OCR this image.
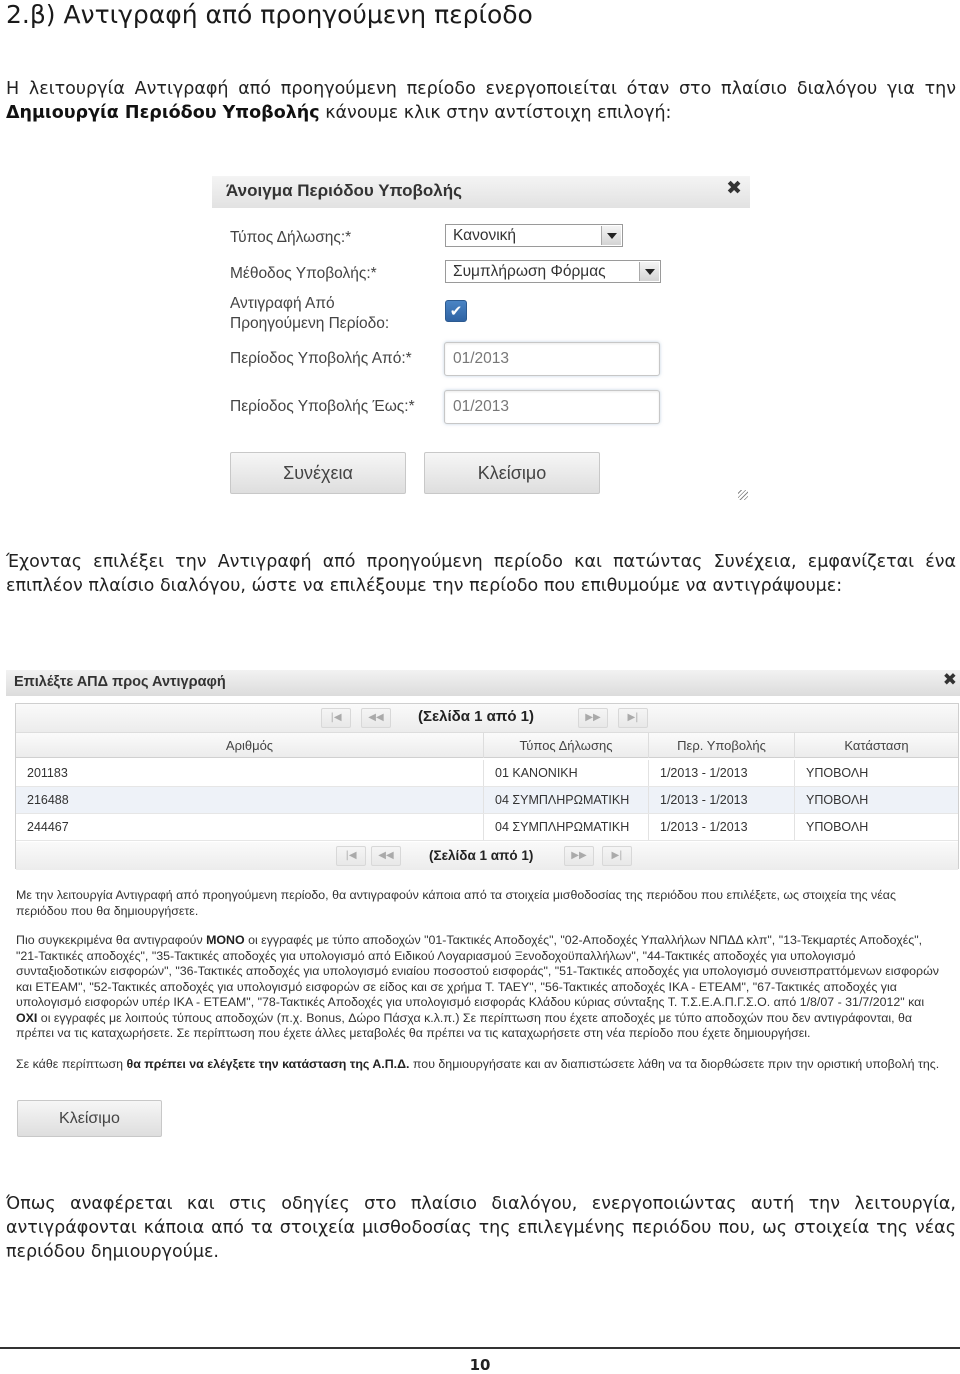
2.β) Αντιγραφή από προηγούμενη περίοδο
Η λειτουργία Αντιγραφή από προηγούμενη περίοδο ενεργοποιείται όταν στο πλαίσιο διαλόγου για την Δημιουργία Περιόδου Υποβολής κάνουμε κλικ στην αντίστοιχη επιλογή:
Άνοιγμα Περιόδου Υποβολής	✖
Τύπος Δήλωσης:*	Κανονική
Μέθοδος Υποβολής:*	Συμπλήρωση Φόρμας
Αντιγραφή Από
Προηγούμενη Περίοδο:
✔
Περίοδος Υποβολής Από:*	01/2013
Περίοδος Υποβολής Έως:*	01/2013
Συνέχεια	Κλείσιμο
Έχοντας επιλέξει την Αντιγραφή από προηγούμενη περίοδο και πατώντας Συνέχεια, εμφανίζεται ένα επιπλέον πλαίσιο διαλόγου, ώστε να επιλέξουμε την περίοδο που επιθυμούμε να αντιγράψουμε:
Επιλέξτε ΑΠΔ προς Αντιγραφή	✖
|◀	◀◀	(Σελίδα 1 από 1)	▶▶	▶|
Αριθμός	Τύπος Δήλωσης	Περ. Υποβολής	Κατάσταση
201183	01 ΚΑΝΟΝΙΚΗ	1/2013 - 1/2013	ΥΠΟΒΟΛΗ
216488	04 ΣΥΜΠΛΗΡΩΜΑΤΙΚΗ	1/2013 - 1/2013	ΥΠΟΒΟΛΗ
244467	04 ΣΥΜΠΛΗΡΩΜΑΤΙΚΗ	1/2013 - 1/2013	ΥΠΟΒΟΛΗ
|◀	◀◀	(Σελίδα 1 από 1)	▶▶	▶|
Με την λειτουργία Αντιγραφή από προηγούμενη περίοδο, θα αντιγραφούν κάποια από τα στοιχεία μισθοδοσίας της περιόδου που επιλέξετε, ως στοιχεία της νέας περιόδου που θα δημιουργήσετε.
Πιο συγκεκριμένα θα αντιγραφούν ΜΟΝΟ οι εγγραφές με τύπο αποδοχών "01-Τακτικές Αποδοχές", "02-Αποδοχές Υπαλλήλων ΝΠΔΔ κλπ", "13-Τεκμαρτές Αποδοχές", "21-Τακτικές αποδοχές", "35-Τακτικές αποδοχές για υπολογισμό από Ειδικού Λογαριασμού Ξενοδοχοϋπαλλήλων", "44-Τακτικές αποδοχές για υπολογισμό συνταξιοδοτικών εισφορών", "36-Τακτικές αποδοχές για υπολογισμό ενιαίου ποσοστού εισφοράς", "51-Τακτικές αποδοχές για υπολογισμό συνεισπραττόμενων εισφορών και ΕΤΕΑΜ", "52-Τακτικές αποδοχές για υπολογισμό εισφορών σε είδος και σε χρήμα Τ. ΤΑΕΥ", "56-Τακτικές αποδοχές ΙΚΑ - ΕΤΕΑΜ", "67-Τακτικές αποδοχές για υπολογισμό εισφορών υπέρ ΙΚΑ - ΕΤΕΑΜ", "78-Τακτικές Αποδοχές για υπολογισμό εισφοράς Κλάδου κύριας σύνταξης Τ. Τ.Σ.Ε.Α.Π.Γ.Σ.Ο. από 1/8/07 - 31/7/2012" και ΟΧΙ οι εγγραφές με λοιπούς τύπους αποδοχών (π.χ. Bonus, Δώρο Πάσχα κ.λ.π.) Σε περίπτωση που έχετε αποδοχές με τύπο αποδοχών που δεν αντιγράφονται, θα πρέπει να τις καταχωρήσετε. Σε περίπτωση που έχετε άλλες μεταβολές θα πρέπει να τις καταχωρήσετε στη νέα περίοδο που έχετε δημιουργήσει.
Σε κάθε περίπτωση θα πρέπει να ελέγξετε την κατάσταση της Α.Π.Δ. που δημιουργήσατε και αν διαπιστώσετε λάθη να τα διορθώσετε πριν την οριστική υποβολή της.
Κλείσιμο
Όπως αναφέρεται και στις οδηγίες στο πλαίσιο διαλόγου, ενεργοποιώντας αυτή την λειτουργία, αντιγράφονται κάποια από τα στοιχεία μισθοδοσίας της επιλεγμένης περιόδου που, ως στοιχεία της νέας περιόδου δημιουργούμε.
10
